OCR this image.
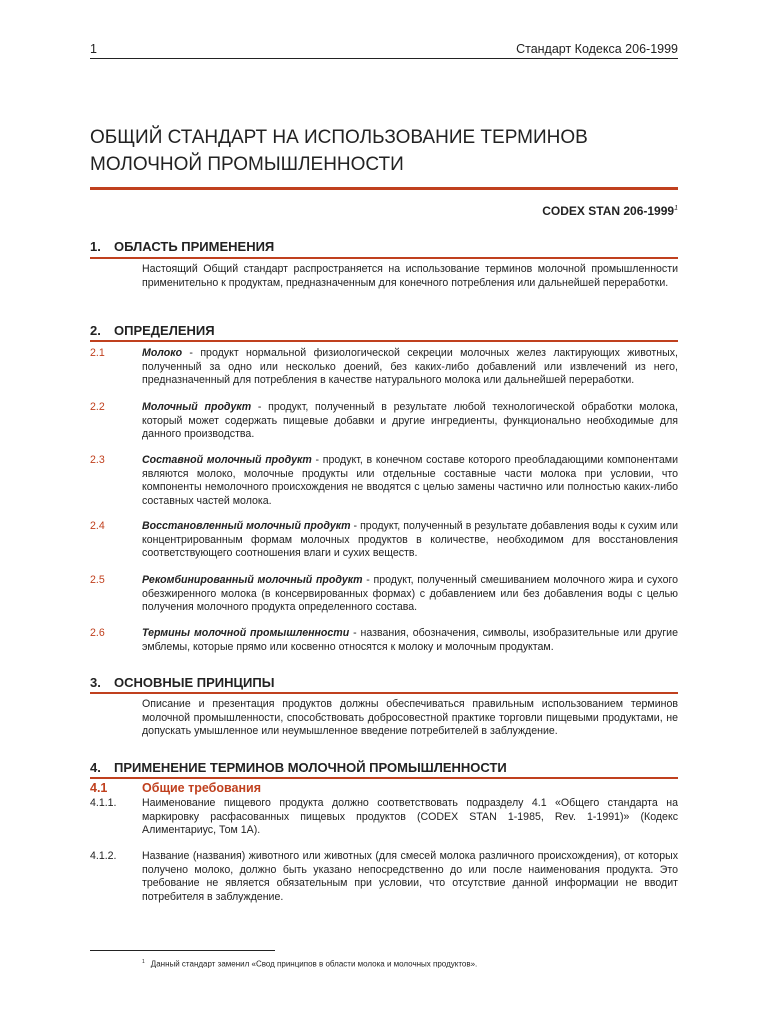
1	Стандарт Кодекса 206-1999
ОБЩИЙ СТАНДАРТ НА ИСПОЛЬЗОВАНИЕ ТЕРМИНОВ
МОЛОЧНОЙ ПРОМЫШЛЕННОСТИ
CODEX STAN 206-1999$^1$
1. ОБЛАСТЬ ПРИМЕНЕНИЯ
Настоящий Общий стандарт распространяется на использование терминов молочной промышленности применительно к продуктам, предназначенным для конечного потребления или дальнейшей переработки.
2. ОПРЕДЕЛЕНИЯ
2.1	Молоко - продукт нормальной физиологической секреции молочных желез лактирующих животных, полученный за одно или несколько доений, без каких-либо добавлений или извлечений из него, предназначенный для потребления в качестве натурального молока или дальнейшей переработки.
2.2	Молочный продукт - продукт, полученный в результате любой технологической обработки молока, который может содержать пищевые добавки и другие ингредиенты, функционально необходимые для данного производства.
2.3	Составной молочный продукт - продукт, в конечном составе которого преобладающими компонентами являются молоко, молочные продукты или отдельные составные части молока при условии, что компоненты немолочного происхождения не вводятся с целью замены частично или полностью каких-либо составных частей молока.
2.4	Восстановленный молочный продукт - продукт, полученный в результате добавления воды к сухим или концентрированным формам молочных продуктов в количестве, необходимом для восстановления соответствующего соотношения влаги и сухих веществ.
2.5	Рекомбинированный молочный продукт - продукт, полученный смешиванием молочного жира и сухого обезжиренного молока (в консервированных формах) с добавлением или без добавления воды с целью получения молочного продукта определенного состава.
2.6	Термины молочной промышленности - названия, обозначения, символы, изобразительные или другие эмблемы, которые прямо или косвенно относятся к молоку и молочным продуктам.
3. ОСНОВНЫЕ ПРИНЦИПЫ
Описание и презентация продуктов должны обеспечиваться правильным использованием терминов молочной промышленности, способствовать добросовестной практике торговли пищевыми продуктами, не допускать умышленное или неумышленное введение потребителей в заблуждение.
4. ПРИМЕНЕНИЕ ТЕРМИНОВ МОЛОЧНОЙ ПРОМЫШЛЕННОСТИ
4.1	Общие требования
4.1.1. Наименование пищевого продукта должно соответствовать подразделу 4.1 «Общего стандарта на маркировку расфасованных пищевых продуктов (CODEX STAN 1-1985, Rev. 1-1991)» (Кодекс Алиментариус, Том 1А).
4.1.2. Название (названия) животного или животных (для смесей молока различного происхождения), от которых получено молоко, должно быть указано непосредственно до или после наименования продукта. Это требование не является обязательным при условии, что отсутствие данной информации не вводит потребителя в заблуждение.
$^1$ Данный стандарт заменил «Свод принципов в области молока и молочных продуктов».
